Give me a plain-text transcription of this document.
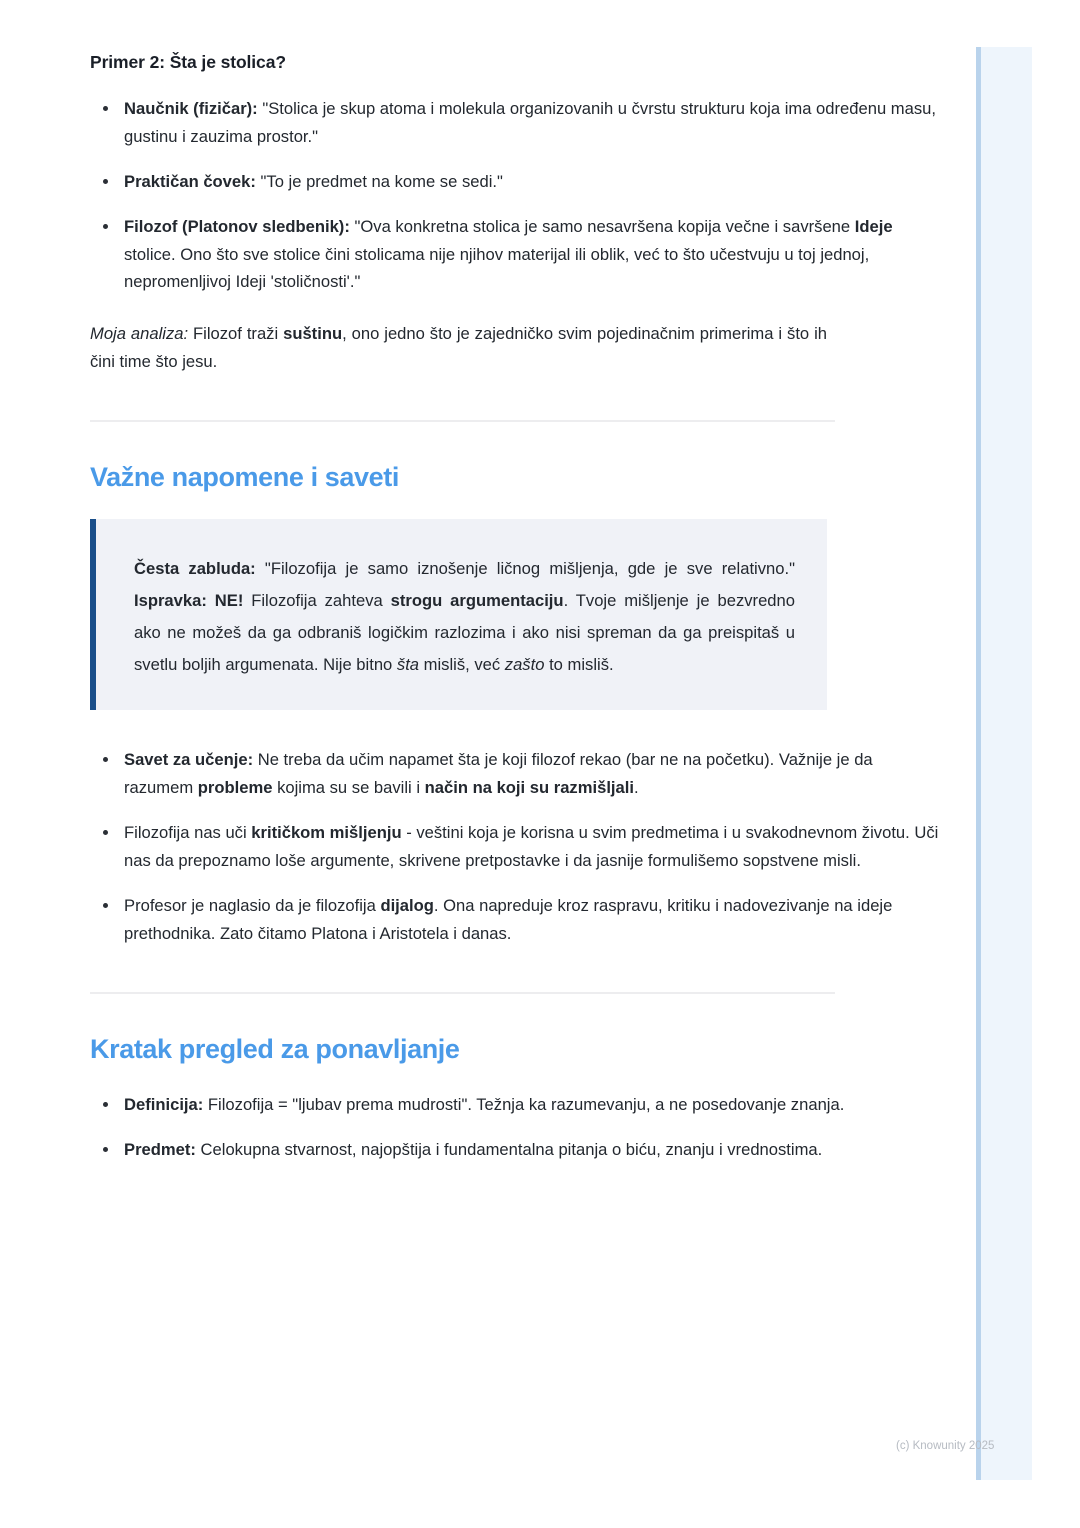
Primer 2: Šta je stolica?
Naučnik (fizičar): "Stolica je skup atoma i molekula organizovanih u čvrstu strukturu koja ima određenu masu, gustinu i zauzima prostor."
Praktičan čovek: "To je predmet na kome se sedi."
Filozof (Platonov sledbenik): "Ova konkretna stolica je samo nesavršena kopija večne i savršene Ideje stolice. Ono što sve stolice čini stolicama nije njihov materijal ili oblik, već to što učestvuju u toj jednoj, nepromenljivoj Ideji 'stoličnosti'."

Moja analiza: Filozof traži suštinu, ono jedno što je zajedničko svim pojedinačnim primerima i što ih čini time što jesu.

Važne napomene i saveti

Česta zabluda: "Filozofija je samo iznošenje ličnog mišljenja, gde je sve relativno." Ispravka: NE! Filozofija zahteva strogu argumentaciju. Tvoje mišljenje je bezvredno ako ne možeš da ga odbraniš logičkim razlozima i ako nisi spreman da ga preispitaš u svetlu boljih argumenata. Nije bitno šta misliš, već zašto to misliš.

Savet za učenje: Ne treba da učim napamet šta je koji filozof rekao (bar ne na početku). Važnije je da razumem probleme kojima su se bavili i način na koji su razmišljali.
Filozofija nas uči kritičkom mišljenju - veštini koja je korisna u svim predmetima i u svakodnevnom životu. Uči nas da prepoznamo loše argumente, skrivene pretpostavke i da jasnije formulišemo sopstvene misli.
Profesor je naglasio da je filozofija dijalog. Ona napreduje kroz raspravu, kritiku i nadovezivanje na ideje prethodnika. Zato čitamo Platona i Aristotela i danas.
Kratak pregled za ponavljanje
Definicija: Filozofija = "ljubav prema mudrosti". Težnja ka razumevanju, a ne posedovanje znanja.
Predmet: Celokupna stvarnost, najopštija i fundamentalna pitanja o biću, znanju i vrednostima.
(c) Knowunity 2025
